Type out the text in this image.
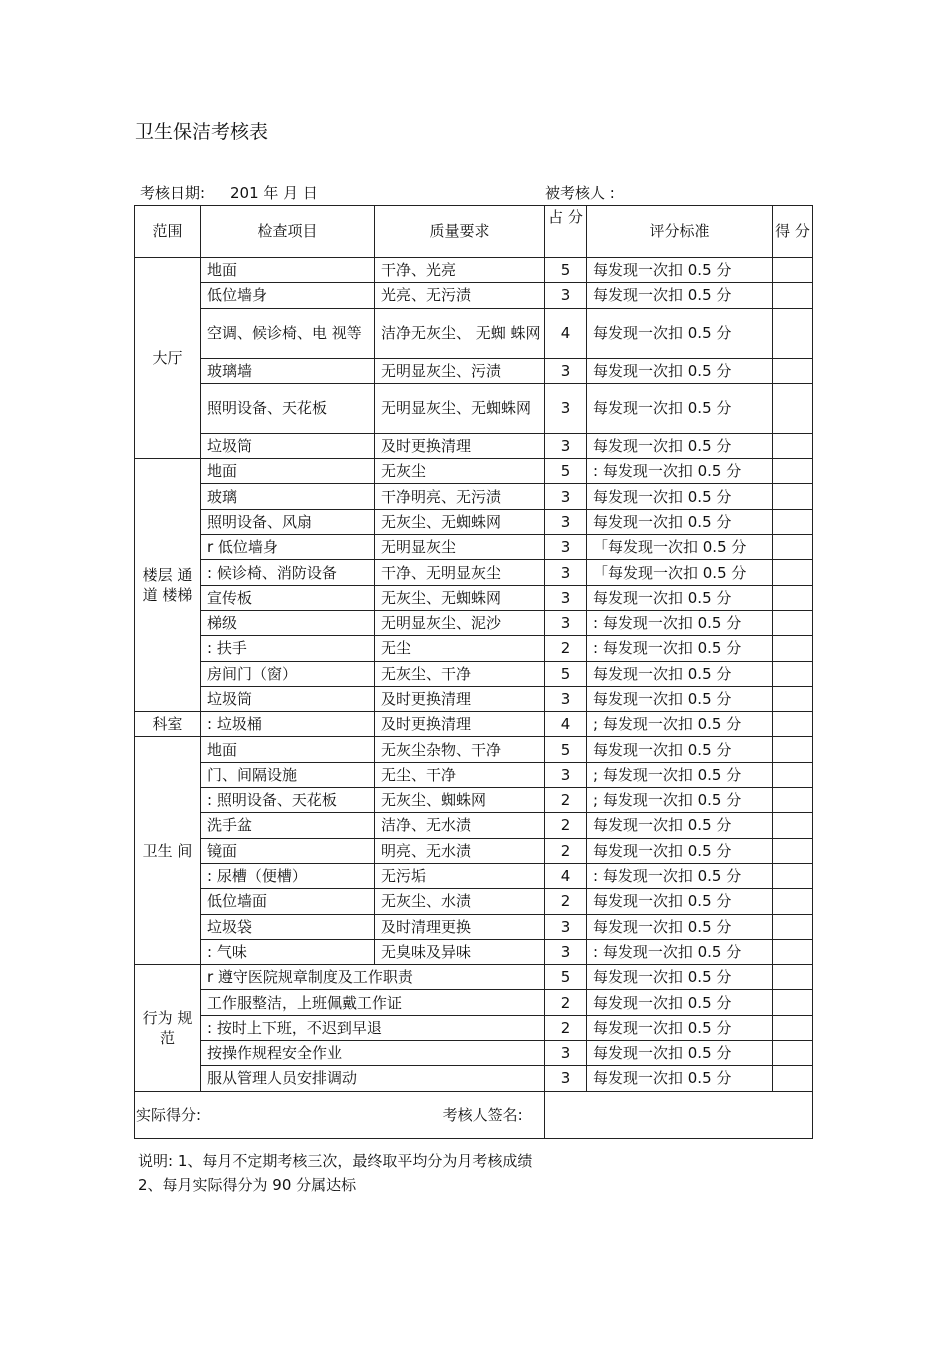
卫生保洁考核表
考核日期: 201 年 月 日	被考核人 :
范围	检查项目	质量要求	占 分	评分标准	得 分
大厅	地面	干净、光亮	5	每发现一次扣 0.5 分	
	低位墙身	光亮、无污渍	3	每发现一次扣 0.5 分	
	空调、候诊椅、电 视等	洁净无灰尘、 无蜘 蛛网	4	每发现一次扣 0.5 分	
	玻璃墙	无明显灰尘、污渍	3	每发现一次扣 0.5 分	
	照明设备、天花板	无明显灰尘、无蜘蛛网	3	每发现一次扣 0.5 分	
	垃圾筒	及时更换清理	3	每发现一次扣 0.5 分	
楼层 通道 楼梯	地面	无灰尘	5	: 每发现一次扣 0.5 分	
	玻璃	干净明亮、无污渍	3	每发现一次扣 0.5 分	
	照明设备、风扇	无灰尘、无蜘蛛网	3	每发现一次扣 0.5 分	
	r 低位墙身	无明显灰尘	3	「每发现一次扣 0.5 分	
	: 候诊椅、消防设备	干净、无明显灰尘	3	「每发现一次扣 0.5 分	
	宣传板	无灰尘、无蜘蛛网	3	每发现一次扣 0.5 分	
	梯级	无明显灰尘、泥沙	3	: 每发现一次扣 0.5 分	
	: 扶手	无尘	2	: 每发现一次扣 0.5 分	
	房间门（窗）	无灰尘、干净	5	每发现一次扣 0.5 分	
	垃圾筒	及时更换清理	3	每发现一次扣 0.5 分	
科室	: 垃圾桶	及时更换清理	4	; 每发现一次扣 0.5 分	
卫生 间	地面	无灰尘杂物、干净	5	每发现一次扣 0.5 分	
	门、间隔设施	无尘、干净	3	; 每发现一次扣 0.5 分	
	: 照明设备、天花板	无灰尘、蜘蛛网	2	; 每发现一次扣 0.5 分	
	洗手盆	洁净、无水渍	2	每发现一次扣 0.5 分	
	镜面	明亮、无水渍	2	每发现一次扣 0.5 分	
	: 尿槽（便槽）	无污垢	4	: 每发现一次扣 0.5 分	
	低位墙面	无灰尘、水渍	2	每发现一次扣 0.5 分	
	垃圾袋	及时清理更换	3	每发现一次扣 0.5 分	
	: 气味	无臭味及异味	3	: 每发现一次扣 0.5 分	
行为 规 范	r 遵守医院规章制度及工作职责		5	每发现一次扣 0.5 分	
	工作服整洁，上班佩戴工作证		2	每发现一次扣 0.5 分	
	: 按时上下班，不迟到早退		2	每发现一次扣 0.5 分	
	按操作规程安全作业		3	每发现一次扣 0.5 分	
	服从管理人员安排调动		3	每发现一次扣 0.5 分	
实际得分: 考核人签名:					
说明: 1、每月不定期考核三次，最终取平均分为月考核成绩
2、每月实际得分为 90 分属达标
